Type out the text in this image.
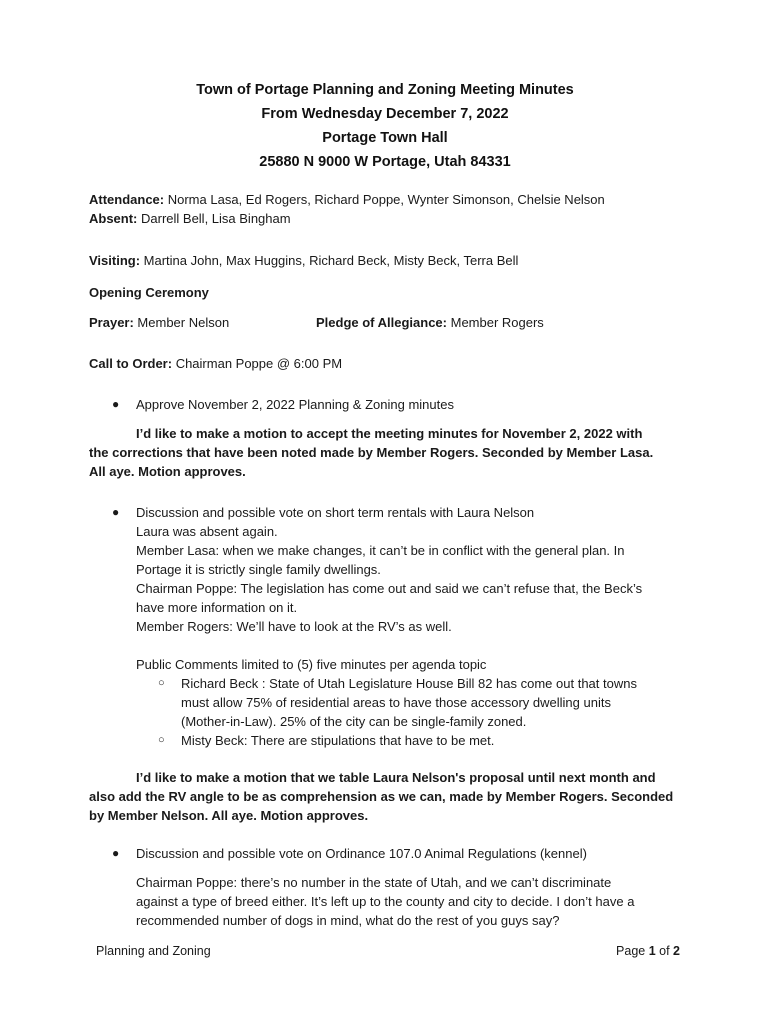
Town of Portage Planning and Zoning Meeting Minutes
From Wednesday December 7, 2022
Portage Town Hall
25880 N 9000 W Portage, Utah 84331
Attendance: Norma Lasa, Ed Rogers, Richard Poppe, Wynter Simonson, Chelsie Nelson
Absent: Darrell Bell, Lisa Bingham
Visiting: Martina John, Max Huggins, Richard Beck, Misty Beck, Terra Bell
Opening Ceremony
Prayer: Member Nelson	Pledge of Allegiance: Member Rogers
Call to Order: Chairman Poppe @ 6:00 PM
● Approve November 2, 2022 Planning & Zoning minutes
I’d like to make a motion to accept the meeting minutes for November 2, 2022 with
the corrections that have been noted made by Member Rogers. Seconded by Member Lasa.
All aye. Motion approves.
● Discussion and possible vote on short term rentals with Laura Nelson
Laura was absent again.
Member Lasa: when we make changes, it can’t be in conflict with the general plan. In
Portage it is strictly single family dwellings.
Chairman Poppe: The legislation has come out and said we can’t refuse that, the Beck’s
have more information on it.
Member Rogers: We’ll have to look at the RV’s as well.
Public Comments limited to (5) five minutes per agenda topic
○ Richard Beck : State of Utah Legislature House Bill 82 has come out that towns
must allow 75% of residential areas to have those accessory dwelling units
(Mother-in-Law). 25% of the city can be single-family zoned.
○ Misty Beck: There are stipulations that have to be met.
I’d like to make a motion that we table Laura Nelson's proposal until next month and
also add the RV angle to be as comprehension as we can, made by Member Rogers. Seconded
by Member Nelson. All aye. Motion approves.
● Discussion and possible vote on Ordinance 107.0 Animal Regulations (kennel)
Chairman Poppe: there’s no number in the state of Utah, and we can’t discriminate
against a type of breed either. It’s left up to the county and city to decide. I don’t have a
recommended number of dogs in mind, what do the rest of you guys say?
Planning and Zoning	Page 1 of 2
